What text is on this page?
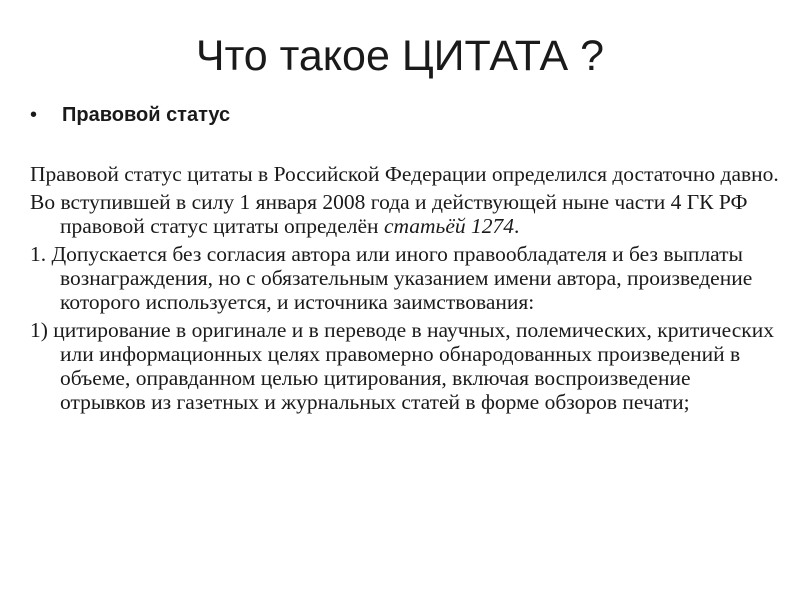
Что такое ЦИТАТА ?
•	Правовой статус

Правовой статус цитаты в Российской Федерации определился достаточно давно.

Во вступившей в силу 1 января 2008 года и действующей ныне части 4 ГК РФ правовой статус цитаты определён статьёй 1274.

1. Допускается без согласия автора или иного правообладателя и без выплаты вознаграждения, но с обязательным указанием имени автора, произведение которого используется, и источника заимствования:

1) цитирование в оригинале и в переводе в научных, полемических, критических или информационных целях правомерно обнародованных произведений в объеме, оправданном целью цитирования, включая воспроизведение отрывков из газетных и журнальных статей в форме обзоров печати;
